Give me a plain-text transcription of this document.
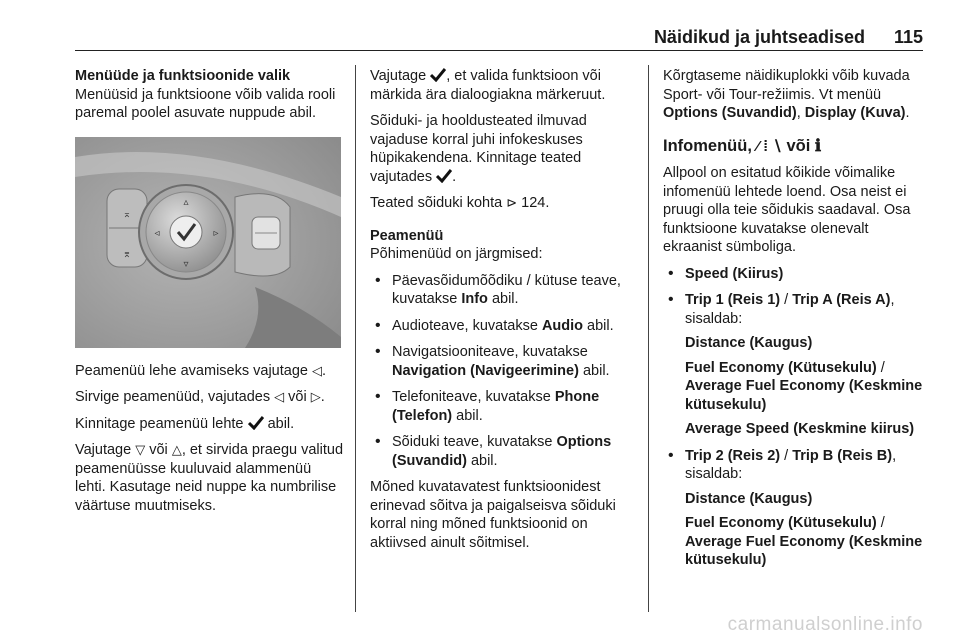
Näidikud ja juhtseadised 115

Menüüde ja funktsioonide valik

Menüüsid ja funktsioone võib valida rooli paremal poolel asuvate nuppude abil.

⌅
⌆
▵
▿
◃	▹

Peamenüü lehe avamiseks vajutage ◁.

Sirvige peamenüüd, vajutades ◁ või ▷.

Kinnitage peamenüü lehte abil.

Vajutage ▽ või △, et sirvida praegu valitud peamenüüsse kuuluvaid alammenüü lehti. Kasutage neid nuppe ka numbrilise väärtuse muutmiseks.

Vajutage , et valida funktsioon või märkida ära dialoogiakna märkeruut.

Sõiduki- ja hooldusteated ilmuvad vajaduse korral juhi infokeskuses hüpikakendena. Kinnitage teated vajutades .

Teated sõiduki kohta ⊳ 124.

Peamenüü

Põhimenüüd on järgmised:

• Päevasõidumõõdiku / kütuse teave, kuvatakse Info abil.
• Audioteave, kuvatakse Audio abil.
• Navigatsiooniteave, kuvatakse Navigation (Navigeerimine) abil.
• Telefoniteave, kuvatakse Phone (Telefon) abil.
• Sõiduki teave, kuvatakse Options (Suvandid) abil.

Mõned kuvatavatest funktsioonidest erinevad sõitva ja paigalseisva sõiduki korral ning mõned funktsioonid on aktiivsed ainult sõitmisel.

Kõrgtaseme näidikuplokki võib kuvada Sport- või Tour-režiimis. Vt menüü Options (Suvandid), Display (Kuva).

Infomenüü, ⁄ ⁞ ∖ või ℹ

Allpool on esitatud kõikide võimalike infomenüü lehtede loend. Osa neist ei pruugi olla teie sõidukis saadaval. Osa funktsioone kuvatakse olenevalt ekraanist sümboliga.

• Speed (Kiirus)
• Trip 1 (Reis 1) / Trip A (Reis A), sisaldab:

Distance (Kaugus)

Fuel Economy (Kütusekulu) / Average Fuel Economy (Keskmine kütusekulu)

Average Speed (Keskmine kiirus)

• Trip 2 (Reis 2) / Trip B (Reis B), sisaldab:

Distance (Kaugus)

Fuel Economy (Kütusekulu) / Average Fuel Economy (Keskmine kütusekulu)

carmanualsonline.info
